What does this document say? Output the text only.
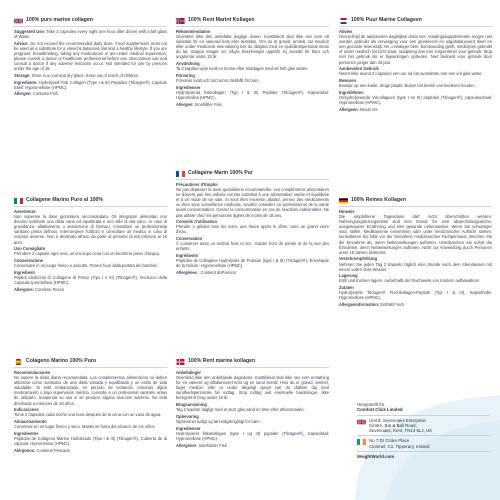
100% pure marine collagen
Suggested Use: Take 2 capsules every night one hour after dinner with a full glass of Water.
Advice: Do not exceed the recommended daily dose. Food supplements must not be used as a substitute for a varied & balanced diet and a healthy lifestyle. If you are pregnant, breastfeeding, taking any medications or are under medical supervision, please consult a doctor or healthcare professional before use. Discontinue use and consult a doctor if any adverse reactions occur. Not intended for use by persons under the age of 18.
Storage: Store in a cool and dry place. Keep out of reach of children.
Ingredients: Hydrolysed Fish Collagen (Type I & III) Peptides (Tilcagen®), Capsule Shell: Hypromellose (HPMC).
Allergen: Contains Fish
Collagene Marino Puro al 100%
Avvertenze
Non superare la dose giornaliera raccomandata. Gli integratori alimentari non devono sostituire una dieta varia ed equilibrata e uno stile di vita sano. In caso di gravidanza, allattamento o assunzione di farmaci, consultare un professionista sanitario prima dell'uso. Interrompere l'utilizzo e consultare un medico in caso di reazioni avverse. Non è destinato all'uso da parte di persone di età inferiore ai 18 anni.
Uso Consigliato
Prendere 2 capsule ogni sera, un'ora dopo cena con un bicchiere pieno d'acqua.
Conservazione
Conservare in un luogo fresco e asciutto. Tenere fuori dalla portata dei bambini.
Ingredienti
Peptidi Idrolizzati di Collagene di Pesce (Tipo I e III) (Tilcagen®), Involucro della Capsula: Ipromellosa (HPMC).
Allergene: Contiene Pesce
Colágeno Marino 100% Puro
Recomendaciones
No supere la dosis diaria recomendada. Los complementos alimenticios no deben utilizarse como sustitutos de una dieta variada y equilibrada y un estilo de vida saludable. Si está embarazada, en periodo de lactancia, tomando algún medicamento o bajo supervisión médica, consulte a un profesional sanitario antes de utilizarlo. Suspenda su uso si se produce alguna reacción adversa. No está destinado a menores de 18 años.
Indicaciones
Tome 2 cápsulas cada noche una hora después de la cena con un vaso de agua.
Almacenamiento
Conservar en un lugar fresco y seco. Mantener fuera del alcance de los niños.
Ingredientes
Péptidos de Colágeno Marino Hidrolizado (Tipo I & III) (Tilcagen®), Cubierta de la cápsula: Hipromelosa (HPMC).
Alérgenos: Contiene Pescado
100% Rent Marint Kollagen
Rekommendation
Overskrid ikke den anbefalte daglige dosen. Kosttilskott skal ikke ses som ett substitut för en varierad kost eller livsstilen. Om du är gravid, ammar, tar medicin eller under medicinsk övervakning bör du rådgöra med en sjukvårdspersonal innan du tar. Stoppa intaget om några biverkningar uppstår. Ej avsedd för barn och ungdomar under 18 år.
Användning
Ta 2 kapslar varje kvall en timme efter middagen med ett helt glas vatten.
Förvaring
Forvaras svalt och torrt utom räckhåll för barn.
Ingredienser
Hydrolyserad fiskkollagen (Typ I & III) Peptider (Tilcagen®), Kapselskal: Hypromellos (HPMC).
Allergen: Innehåller Fisk
Collagène Marin 100% Pur
Précautions d'Emploi
Ne pas dépasser la dose quotidienne recommandée. Les compléments alimentaires ne doivent pas être utilisés comme substitut à une alimentation variée et équilibrée et à un mode de vie sain. Si vous êtes enceinte, allaitez, prenez des médicaments ou êtes sous surveillance médicale, veuillez consulter un professionnel de la santé avant consommation. Cesser la consommation en cas de réactions indésirables. Ne pas utiliser chez les personnes âgées de moins de 18 ans.
Conseils d'utilisation
Prendre 2 gélules tous les soirs, une heure après le dîner, avec un grand verre d'eau.
Conservation
À conserver dans un endroit frais et sec. Garder hors de portée et de la vue des enfants.
Ingrédients
Peptides de Collagène Hydrolysés de Poisson (type I & III) (Tilcagen®), Enveloppe de la Gélule : Hypromellose (HPMC).
Allergènes : Contient duPoisson
100% Rent marine kollagen
Anbefalinger
Overskrid ikke den anbefalede dagsdosis. Kosttilskud skal ikke ses som erstatning for en varieret og afbalanceret kost og en sund livsstil. Hvis du er gravid, ammer, tager medicin eller er under lægeligt opsyn bør du rådføre dig med sundhedspersonale før indtag. Stop indtag ved eventuelle bivirkninger. Ikke beregnet til brug under 18 år.
Brugsanvisning
Tag 2 kapsler dagligt med et stort glas vand en time efter aftensmaden.
Opbevaring
Opbevares køligt og tørt utilgængeligt for børn.
Ingredienser
Hydrolyseret fiskekollagen (type I og III) peptider (Tilcagen®), Kapselskal: Hypromellose (HPMC).
Allergener: Indeholder Fisk
100% Puur Marine Collageen
Advies
Overschrijd de aanbevolen dagelijkse dosis niet. Voedingssupplementen mogen niet worden gebruikt als vervanging voor een gevarieerd en uitgebalanceerd dieet en een gezonde levensstijl. Als u zwanger bent, borstvoeding geeft, medicijnen gebruikt of onder medisch toezicht staat, raadpleeg dan een zorgverlener voor gebruik. Stop met het gebruik als er bijwerkingen optreden. Niet bedoeld voor gebruik door personen jonger dan 18 jaar.
Aanbevolen Gebruik
Neem elke avond 2 capsules een uur na het avondeten met een vol glas water.
Bewaren
Bewaar op een koele, droge plaats. Buiten het bereik van kinderen houden.
Ingrediënten
Gehydrolyseerde Viscollageen (type I en III) peptiden (Tilcagen®), capsuleschaal: Hypromellose (HPMC).
Allergeen: Bevat Vis
100% Reines Kollagen
Hinweis
Die empfohlene Tagesdosis darf nicht überschritten werden. Nahrungsergänzungsmittel sind kein Ersatz für eine abwechslungsreiche, ausgewogene Ernährung und eine gesunde Lebensweise. Wenn Sie schwanger sind, stillen, Medikamente einnehmen oder unter medizinischer Aufsicht stehen, konsultieren Sie bitte vor der Einnahme medizinisches Fachpersonal. Brechen Sie die Einnahme ab, wenn Nebenwirkungen auftreten. Unterbrechen Sie sofort die Einnahme, wenn Nebenwirkungen auftreten. Nicht zur Anwendung durch Personen unter 18 Jahren bestimmt.
Verzehrempfehlung
Nehmen Sie jeden Tag 2 Kapseln täglich eine Stunde nach dem Abendessen mit einem vollen Glas Wasser.
Lagerung
Kühl und trocken lagern. Außerhalb der Reichweite von Kindern aufbewahren.
Zutaten
Hydrolysierte Tilcagen® Fischkollagen-Peptide (Typ I & III), Kapselhülle: Hypromellose (HPMC).
Allergeninformation: Enthält Fisch
Hergestellt für
Comfort Click Limited
Unit 8, Sevenoaks Enterprise
Centre, Bat & Ball Road,
Sevenoaks, Kent, TN14 5LJ, UK
No 7 Dr Croke Place
Clonmel, Co. Tipperary, Ireland
WeightWorld.com
